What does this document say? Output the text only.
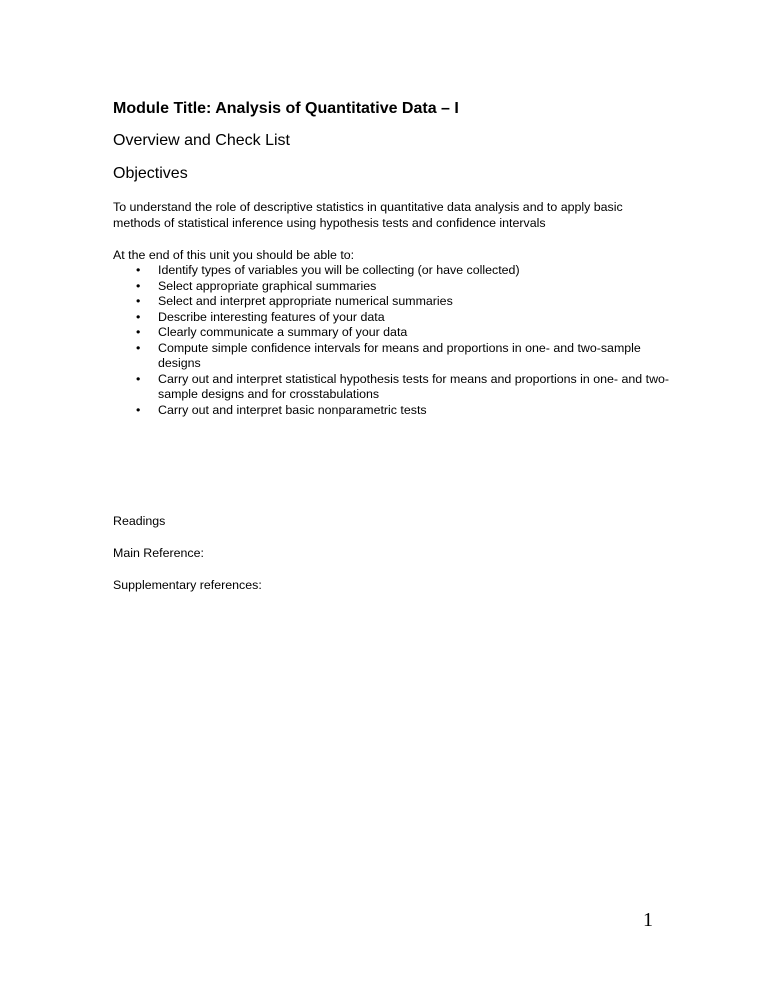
Module Title: Analysis of Quantitative Data – I
Overview and Check List
Objectives

To understand the role of descriptive statistics in quantitative data analysis and to apply basic methods of statistical inference using hypothesis tests and confidence intervals

At the end of this unit you should be able to:

• Identify types of variables you will be collecting (or have collected)
• Select appropriate graphical summaries
• Select and interpret appropriate numerical summaries
• Describe interesting features of your data
• Clearly communicate a summary of your data
• Compute simple confidence intervals for means and proportions in one- and two-sample designs
• Carry out and interpret statistical hypothesis tests for means and proportions in one- and two-sample designs and for crosstabulations
• Carry out and interpret basic nonparametric tests

Readings

Main Reference:

Supplementary references:

1
